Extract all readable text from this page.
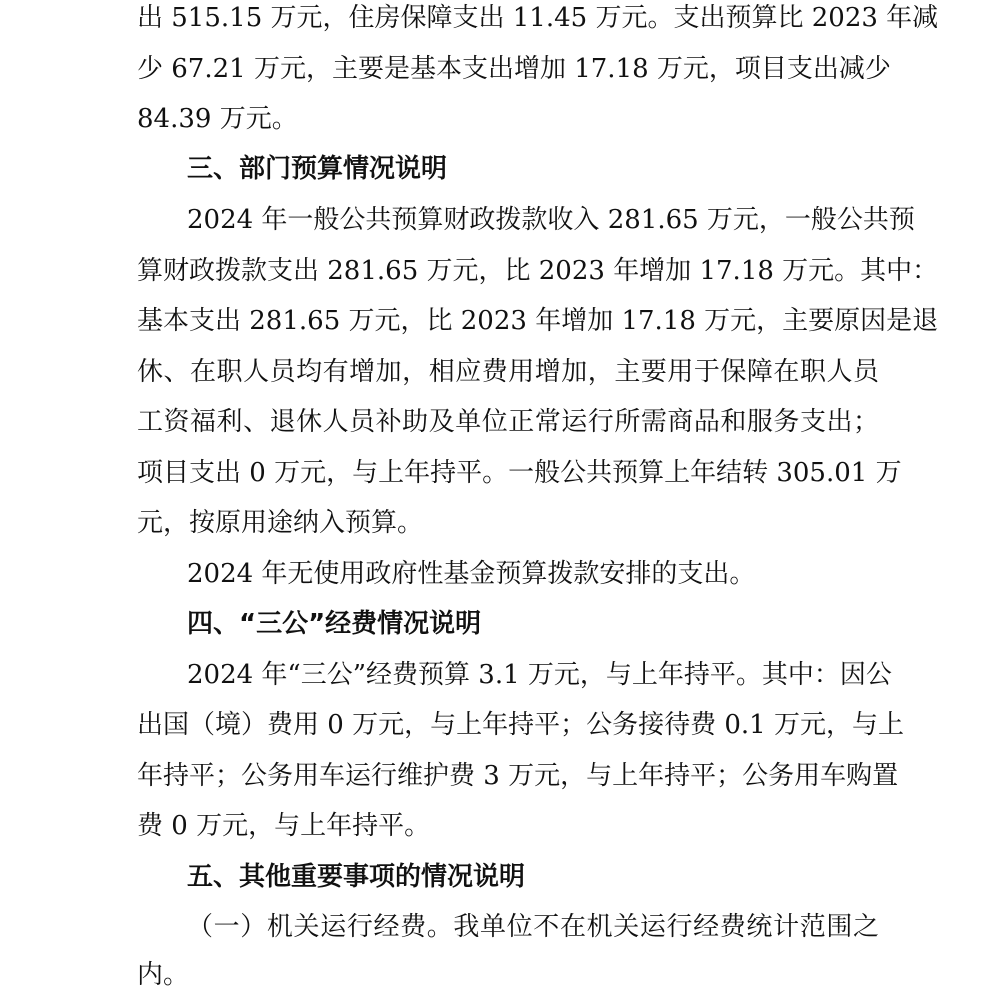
出 515.15 万元，住房保障支出 11.45 万元。支出预算比 2023 年减
少 67.21 万元，主要是基本支出增加 17.18 万元，项目支出减少
84.39 万元。
三、部门预算情况说明
2024 年一般公共预算财政拨款收入 281.65 万元，一般公共预
算财政拨款支出 281.65 万元，比 2023 年增加 17.18 万元。其中：
基本支出 281.65 万元，比 2023 年增加 17.18 万元，主要原因是退
休、在职人员均有增加，相应费用增加，主要用于保障在职人员
工资福利、退休人员补助及单位正常运行所需商品和服务支出；
项目支出 0 万元，与上年持平。一般公共预算上年结转 305.01 万
元，按原用途纳入预算。
2024 年无使用政府性基金预算拨款安排的支出。
四、“三公”经费情况说明
2024 年“三公”经费预算 3.1 万元，与上年持平。其中：因公
出国（境）费用 0 万元，与上年持平；公务接待费 0.1 万元，与上
年持平；公务用车运行维护费 3 万元，与上年持平；公务用车购置
费 0 万元，与上年持平。
五、其他重要事项的情况说明
（一）机关运行经费。我单位不在机关运行经费统计范围之
内。
